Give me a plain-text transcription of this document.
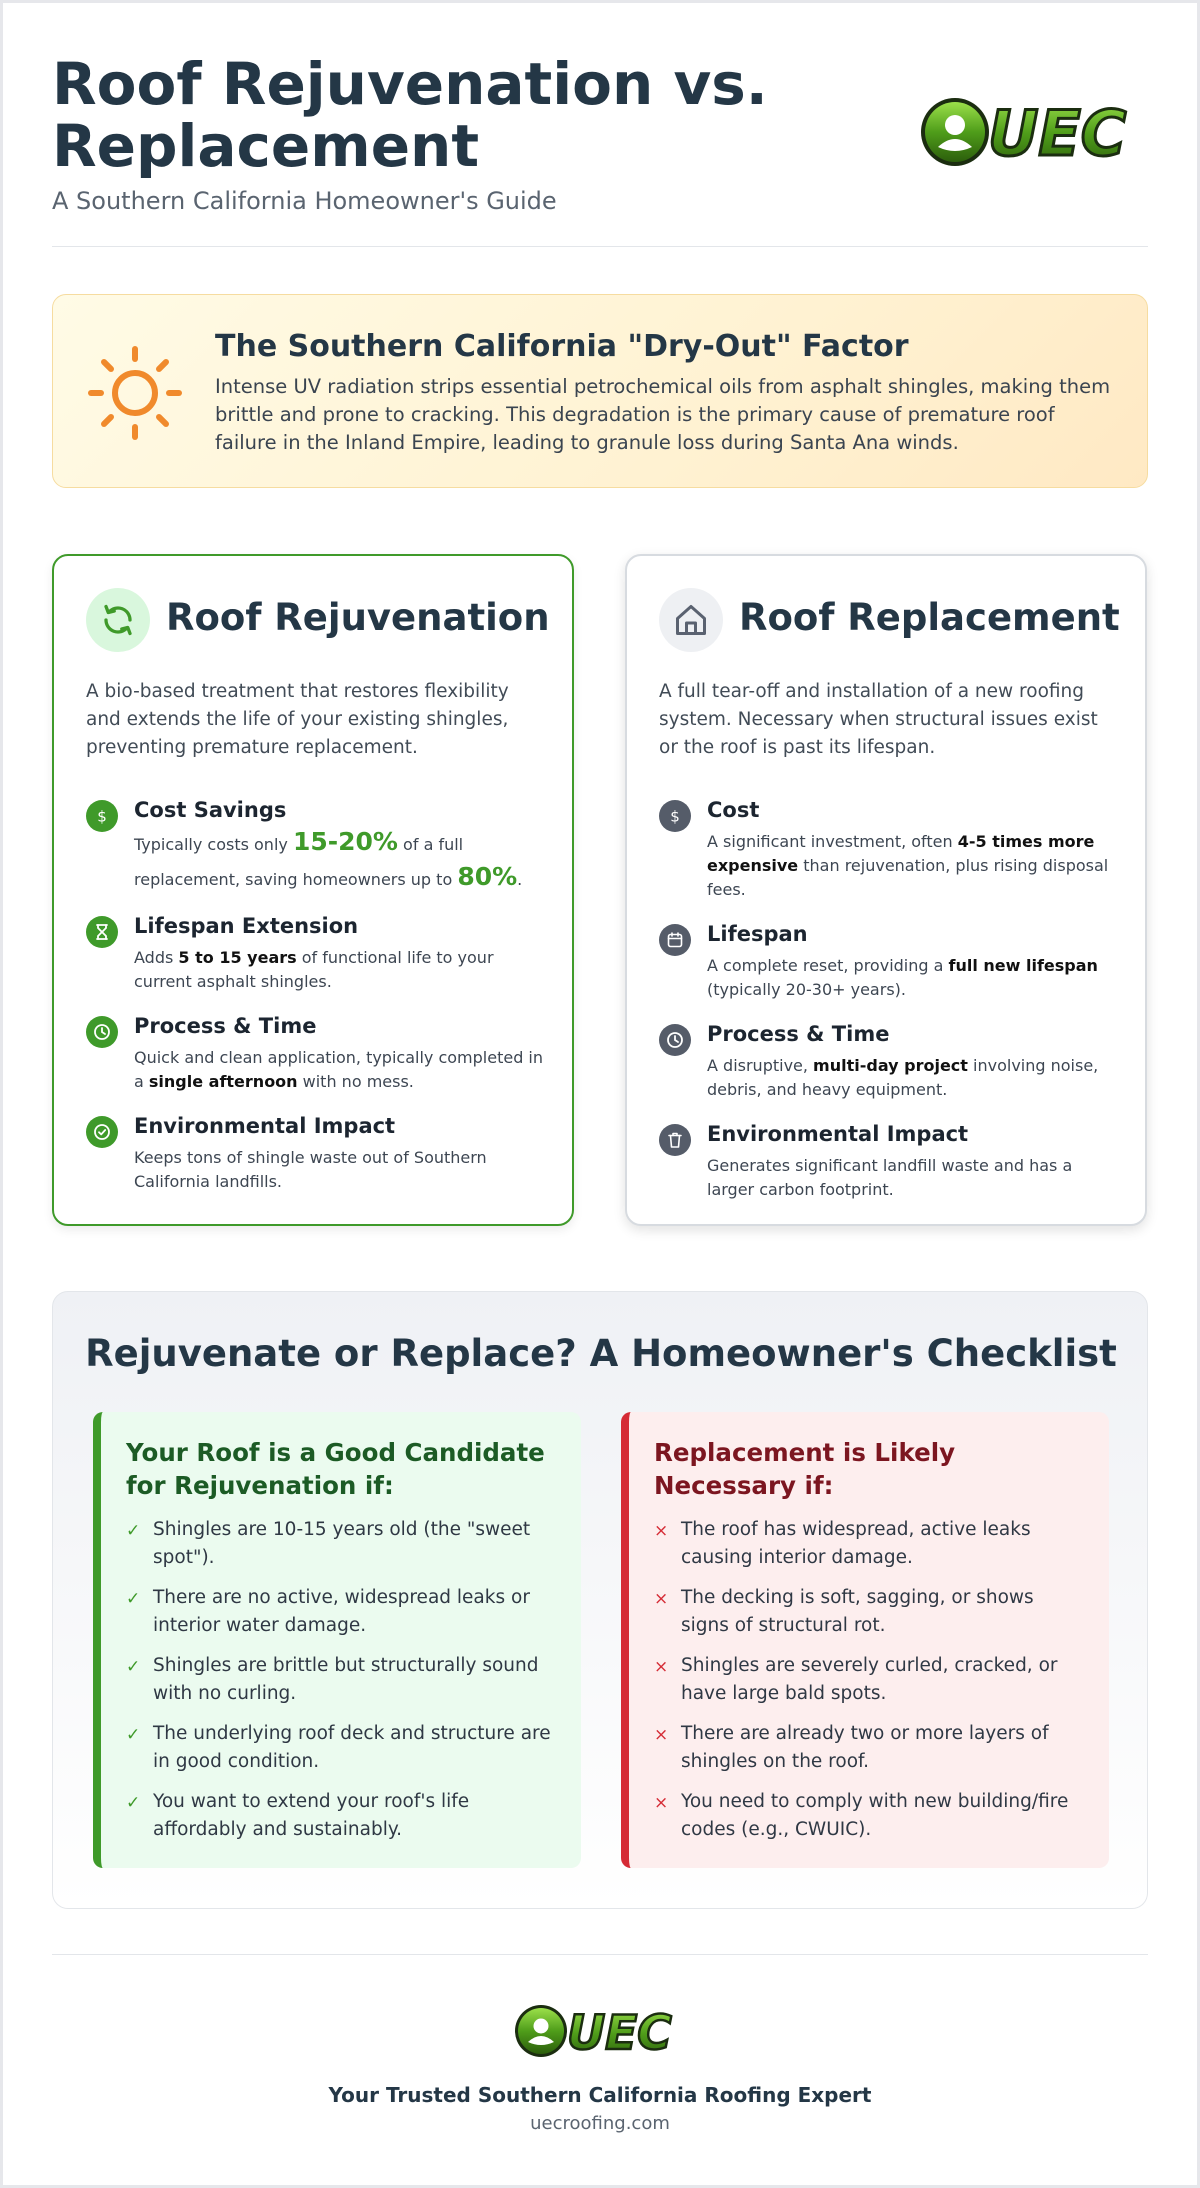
Roof Rejuvenation vs. Replacement
A Southern California Homeowner's Guide
UEC
The Southern California "Dry-Out" Factor

Intense UV radiation strips essential petrochemical oils from asphalt shingles, making them brittle and prone to cracking. This degradation is the primary cause of premature roof failure in the Inland Empire, leading to granule loss during Santa Ana winds.

Roof Rejuvenation

A bio-based treatment that restores flexibility and extends the life of your existing shingles, preventing premature replacement.

$ Cost Savings
Typically costs only 15-20% of a full replacement, saving homeowners up to 80%.
Lifespan Extension
Adds 5 to 15 years of functional life to your current asphalt shingles.
Process & Time
Quick and clean application, typically completed in a single afternoon with no mess.
Environmental Impact
Keeps tons of shingle waste out of Southern California landfills.
Roof Replacement

A full tear-off and installation of a new roofing system. Necessary when structural issues exist or the roof is past its lifespan.

$ Cost
A significant investment, often 4-5 times more expensive than rejuvenation, plus rising disposal fees.
Lifespan
A complete reset, providing a full new lifespan (typically 20-30+ years).
Process & Time
A disruptive, multi-day project involving noise, debris, and heavy equipment.
Environmental Impact
Generates significant landfill waste and has a larger carbon footprint.
Rejuvenate or Replace? A Homeowner's Checklist
Your Roof is a Good Candidate for Rejuvenation if:
✓ Shingles are 10-15 years old (the "sweet spot").
✓ There are no active, widespread leaks or interior water damage.
✓ Shingles are brittle but structurally sound with no curling.
✓ The underlying roof deck and structure are in good condition.
✓ You want to extend your roof's life affordably and sustainably.
Replacement is Likely Necessary if:
× The roof has widespread, active leaks causing interior damage.
× The decking is soft, sagging, or shows signs of structural rot.
× Shingles are severely curled, cracked, or have large bald spots.
× There are already two or more layers of shingles on the roof.
× You need to comply with new building/fire codes (e.g., CWUIC).
UEC
Your Trusted Southern California Roofing Expert
uecroofing.com
